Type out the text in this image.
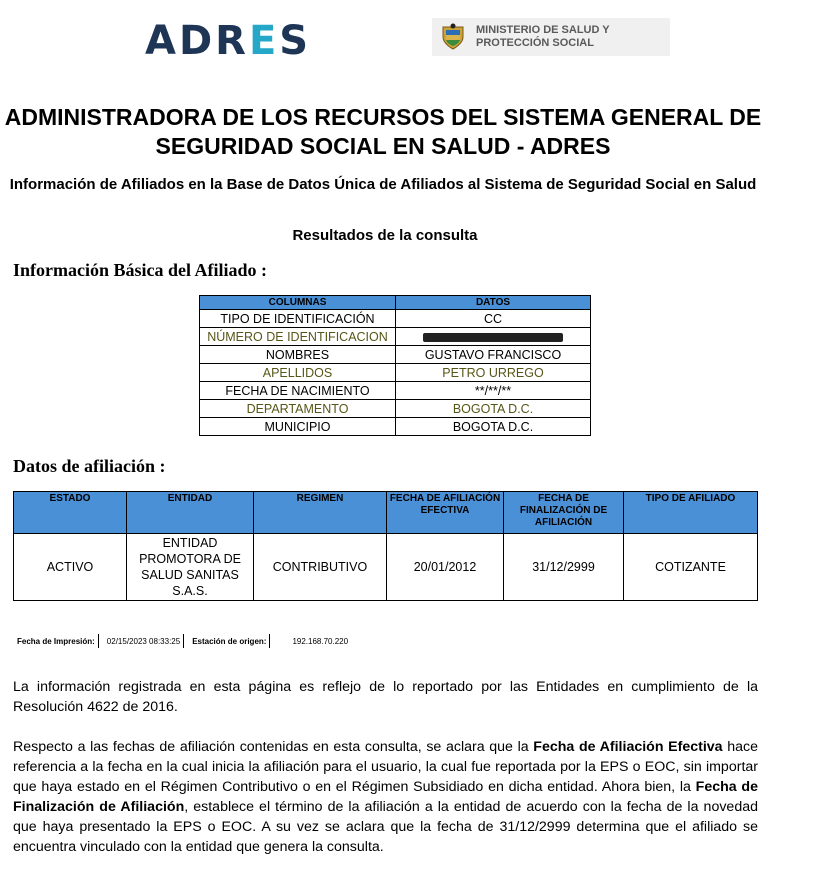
ADRES	MINISTERIO DE SALUD Y
PROTECCIÓN SOCIAL
ADMINISTRADORA DE LOS RECURSOS DEL SISTEMA GENERAL DE SEGURIDAD SOCIAL EN SALUD - ADRES
Información de Afiliados en la Base de Datos Única de Afiliados al Sistema de Seguridad Social en Salud
Resultados de la consulta
Información Básica del Afiliado :
COLUMNAS	DATOS
TIPO DE IDENTIFICACIÓN	CC
NÚMERO DE IDENTIFICACION	
NOMBRES	GUSTAVO FRANCISCO
APELLIDOS	PETRO URREGO
FECHA DE NACIMIENTO	**/**/**
DEPARTAMENTO	BOGOTA D.C.
MUNICIPIO	BOGOTA D.C.
Datos de afiliación :
ESTADO	ENTIDAD	REGIMEN	FECHA DE AFILIACIÓN EFECTIVA	FECHA DE FINALIZACIÓN DE AFILIACIÓN	TIPO DE AFILIADO
ACTIVO	ENTIDAD PROMOTORA DE SALUD SANITAS S.A.S.	CONTRIBUTIVO	20/01/2012	31/12/2999	COTIZANTE
Fecha de Impresión: 02/15/2023 08:33:25 Estación de origen:	192.168.70.220
La información registrada en esta página es reflejo de lo reportado por las Entidades en cumplimiento de la Resolución 4622 de 2016.
Respecto a las fechas de afiliación contenidas en esta consulta, se aclara que la Fecha de Afiliación Efectiva hace referencia a la fecha en la cual inicia la afiliación para el usuario, la cual fue reportada por la EPS o EOC, sin importar que haya estado en el Régimen Contributivo o en el Régimen Subsidiado en dicha entidad. Ahora bien, la Fecha de Finalización de Afiliación, establece el término de la afiliación a la entidad de acuerdo con la fecha de la novedad que haya presentado la EPS o EOC. A su vez se aclara que la fecha de 31/12/2999 determina que el afiliado se encuentra vinculado con la entidad que genera la consulta.
